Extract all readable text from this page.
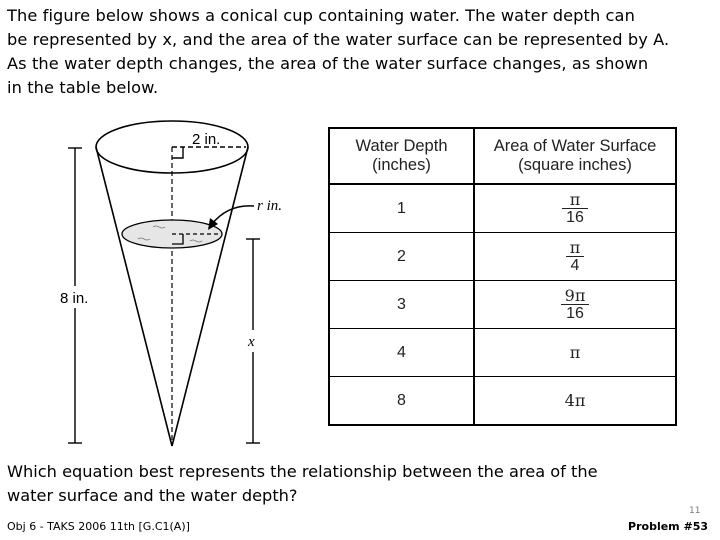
The figure below shows a conical cup containing water. The water depth can
be represented by x, and the area of the water surface can be represented by A.
As the water depth changes, the area of the water surface changes, as shown
in the table below.
2 in.
r in.
8 in.
x
Water Depth
(inches)	Area of Water Surface
(square inches)
1	$\frac{\pi}{16}$

2	$\frac{\pi}{4}$

3	$\frac{9\pi}{16}$

4	π
8	4π
Which equation best represents the relationship between the area of the
water surface and the water depth?
Obj 6 - TAKS 2006 11th [G.C1(A)]
11
Problem #53
